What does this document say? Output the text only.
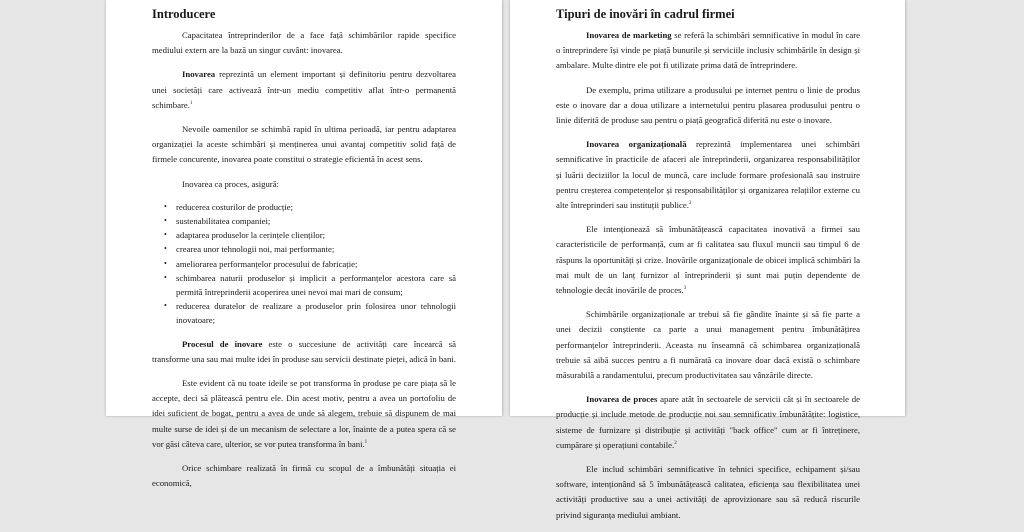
Introducere

Capacitatea întreprinderilor de a face față schimbărilor rapide specifice mediului extern are la bază un singur cuvânt: inovarea.

Inovarea reprezintă un element important și definitoriu pentru dezvoltarea unei societăți care activează într-un mediu competitiv aflat într-o permanentă schimbare.$^1$

Nevoile oamenilor se schimbă rapid în ultima perioadă, iar pentru adaptarea organizației la aceste schimbări și menținerea unui avantaj competitiv solid față de firmele concurente, inovarea poate constitui o strategie eficientă în acest sens.

Inovarea ca proces, asigură:

• reducerea costurilor de producție;
• sustenabilitatea companiei;
• adaptarea produselor la cerințele clienților;
• crearea unor tehnologii noi, mai performante;
• ameliorarea performanțelor procesului de fabricație;
• schimbarea naturii produselor și implicit a performanțelor acestora care să permită întreprinderii acoperirea unei nevoi mai mari de consum;
• reducerea duratelor de realizare a produselor prin folosirea unor tehnologii inovatoare;

Procesul de inovare este o succesiune de activități care încearcă să transforme una sau mai multe idei în produse sau servicii destinate pieței, adică în bani.

Este evident că nu toate ideile se pot transforma în produse pe care piața să le accepte, deci să plătească pentru ele. Din acest motiv, pentru a avea un portofoliu de idei suficient de bogat, pentru a avea de unde să alegem, trebuie să dispunem de mai multe surse de idei și de un mecanism de selectare a lor, înainte de a putea spera că se vor găsi câteva care, ulterior, se vor putea transforma în bani.$^1$

Orice schimbare realizată în firmă cu scopul de a îmbunătăți situația ei economică,

Tipuri de inovări în cadrul firmei

Inovarea de marketing se referă la schimbări semnificative în modul în care o întreprindere își vinde pe piață bunurile și serviciile inclusiv schimbările în design și ambalare. Multe dintre ele pot fi utilizate prima dată de întreprindere.

De exemplu, prima utilizare a produsului pe internet pentru o linie de produs este o inovare dar a doua utilizare a internetului pentru plasarea produsului pentru o linie diferită de produse sau pentru o piață geografică diferită nu este o inovare.

Inovarea organizațională reprezintă implementarea unei schimbări semnificative în practicile de afaceri ale întreprinderii, organizarea responsabilităților și luării deciziilor la locul de muncă, care include formare profesională sau instruire pentru creșterea competențelor și responsabilităților și organizarea relațiilor externe cu alte întreprinderi sau instituții publice.$^2$

Ele intenționează să îmbunătățească capacitatea inovativă a firmei sau caracteristicile de performanță, cum ar fi calitatea sau fluxul muncii sau timpul 6 de răspuns la oportunități și crize. Inovările organizaționale de obicei implică schimbări la mai mult de un lanț furnizor al întreprinderii și sunt mai puțin dependente de tehnologie decât inovările de proces.$^3$

Schimbările organizaționale ar trebui să fie gândite înainte și să fie parte a unei decizii conștiente ca parte a unui management pentru îmbunătățirea performanțelor întreprinderii. Aceasta nu înseamnă că schimbarea organizațională trebuie să aibă succes pentru a fi numărată ca inovare doar dacă există o schimbare măsurabilă a randamentului, precum productivitatea sau vânzările directe.

Inovarea de proces apare atât în sectoarele de servicii cât și în sectoarele de producție și include metode de producție noi sau semnificativ îmbunătățite: logistice, sisteme de furnizare și distribuție și activități "back office" cum ar fi întreținere, cumpărare și operațiuni contabile.$^2$

Ele includ schimbări semnificative în tehnici specifice, echipament și/sau software, intenționând să 5 îmbunătățească calitatea, eficiența sau flexibilitatea unei activități productive sau a unei activități de aprovizionare sau să reducă riscurile privind siguranța mediului ambiant.
